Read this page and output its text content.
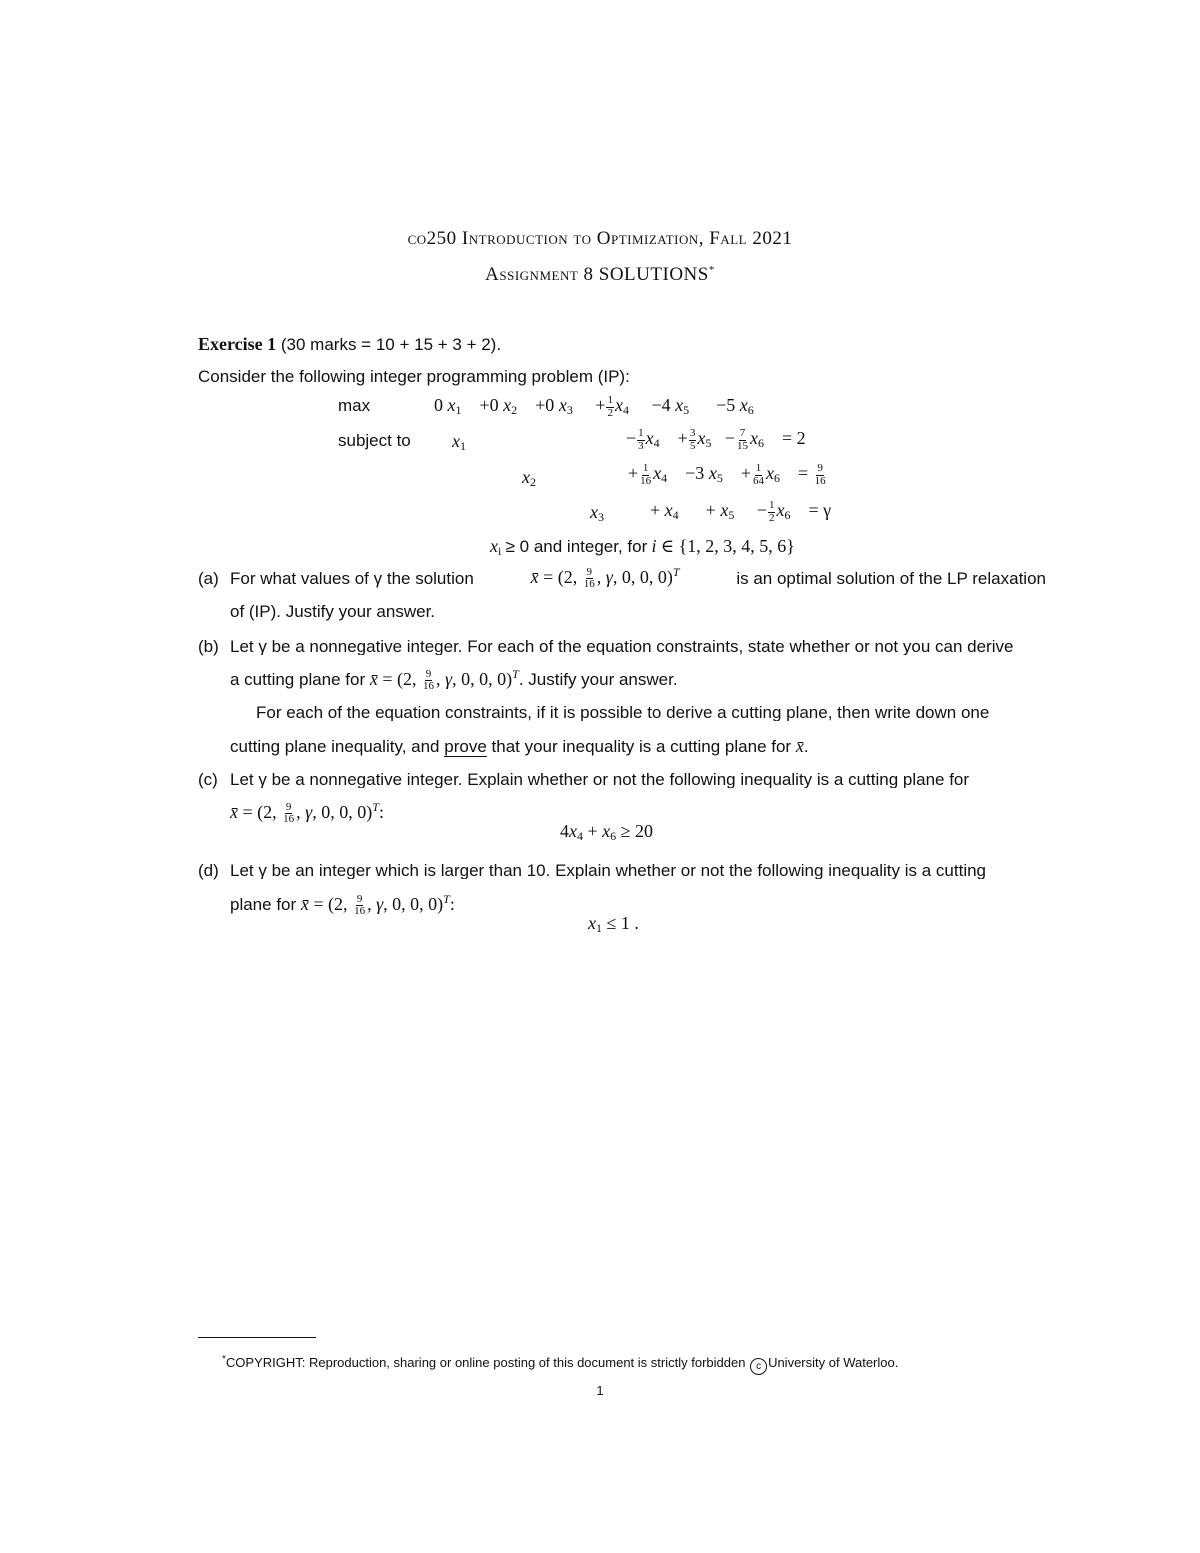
co250 Introduction to Optimization, Fall 2021
Assignment 8 SOLUTIONS*
Exercise 1 (30 marks = 10 + 15 + 3 + 2).
Consider the following integer programming problem (IP):
max	0 $x_1$    +0 $x_2$    +0 $x_3$     + $\frac{1}{2} x_4$     −4 $x_5$      −5 $x_6$
subject to $x_1$	− $\frac{1}{3} x_4$    + $\frac{3}{5} x_5 - \frac{7}{15} x_6 = 2$
$x_2$	+ $\frac{1}{16} x_4$    −3 $x_5$    + $\frac{1}{64} x_6$    = $\frac{9}{16}$
$x_3$	+ $x_4$      + $x_5$     − $\frac{1}{2} x_6 = \gamma$
$x_i \ge 0$ and integer, for i ∈ {1, 2, 3, 4, 5, 6}
(a) For what values of γ the solution	x̄ = (2, $\frac{9}{16}$ , γ, 0, 0, 0)$^T$	is an optimal solution of the LP relaxation
of (IP). Justify your answer.
(b) Let γ be a nonnegative integer. For each of the equation constraints, state whether or not you can derive
a cutting plane for x̄ = (2, $\frac{9}{16}$ , γ, 0, 0, 0)$^T$. Justify your answer.
For each of the equation constraints, if it is possible to derive a cutting plane, then write down one
cutting plane inequality, and prove that your inequality is a cutting plane for x̄.
(c) Let γ be a nonnegative integer. Explain whether or not the following inequality is a cutting plane for
x̄ = (2, $\frac{9}{16}$ , γ, 0, 0, 0)$^T$:
$4x_4 + x_6 \ge 20$
(d) Let γ be an integer which is larger than 10. Explain whether or not the following inequality is a cutting
plane for x̄ = (2, $\frac{9}{16}$ , γ, 0, 0, 0)$^T$:
$x_1 \le 1$ .
*COPYRIGHT: Reproduction, sharing or online posting of this document is strictly forbidden c University of Waterloo.
1
